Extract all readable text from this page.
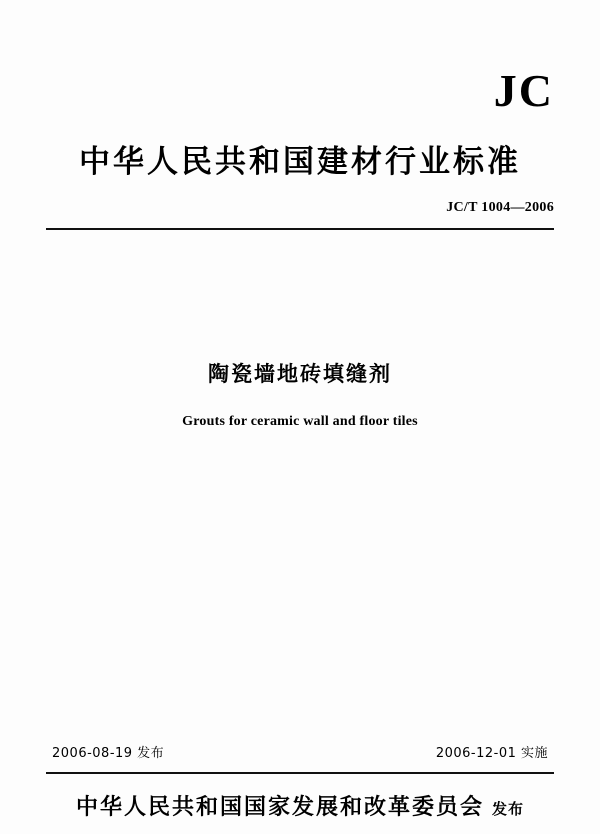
JC
中华人民共和国建材行业标准
JC/T 1004—2006
陶瓷墙地砖填缝剂
Grouts for ceramic wall and floor tiles
2006-08-19 发布	2006-12-01 实施
中华人民共和国国家发展和改革委员会 发布
